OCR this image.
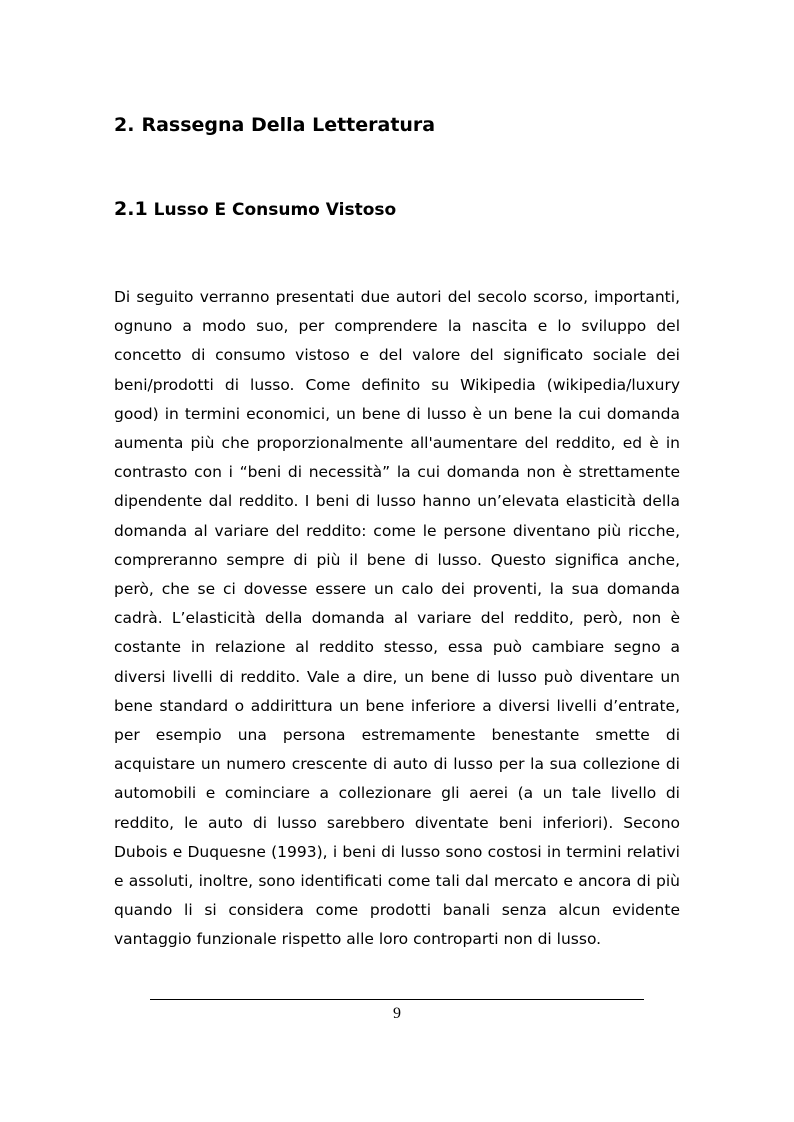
2. Rassegna Della Letteratura
2.1 Lusso E Consumo Vistoso

Di seguito verranno presentati due autori del secolo scorso, importanti, ognuno a modo suo, per comprendere la nascita e lo sviluppo del concetto di consumo vistoso e del valore del significato sociale dei beni/prodotti di lusso. Come definito su Wikipedia (wikipedia/luxury good) in termini economici, un bene di lusso è un bene la cui domanda aumenta più che proporzionalmente all'aumentare del reddito, ed è in contrasto con i “beni di necessità” la cui domanda non è strettamente dipendente dal reddito. I beni di lusso hanno un’elevata elasticità della domanda al variare del reddito: come le persone diventano più ricche, compreranno sempre di più il bene di lusso. Questo significa anche, però, che se ci dovesse essere un calo dei proventi, la sua domanda cadrà. L’elasticità della domanda al variare del reddito, però, non è costante in relazione al reddito stesso, essa può cambiare segno a diversi livelli di reddito. Vale a dire, un bene di lusso può diventare un bene standard o addirittura un bene inferiore a diversi livelli d’entrate, per esempio una persona estremamente benestante smette di acquistare un numero crescente di auto di lusso per la sua collezione di automobili e cominciare a collezionare gli aerei (a un tale livello di reddito, le auto di lusso sarebbero diventate beni inferiori). Secono Dubois e Duquesne (1993), i beni di lusso sono costosi in termini relativi e assoluti, inoltre, sono identificati come tali dal mercato e ancora di più quando li si considera come prodotti banali senza alcun evidente vantaggio funzionale rispetto alle loro controparti non di lusso.

9
